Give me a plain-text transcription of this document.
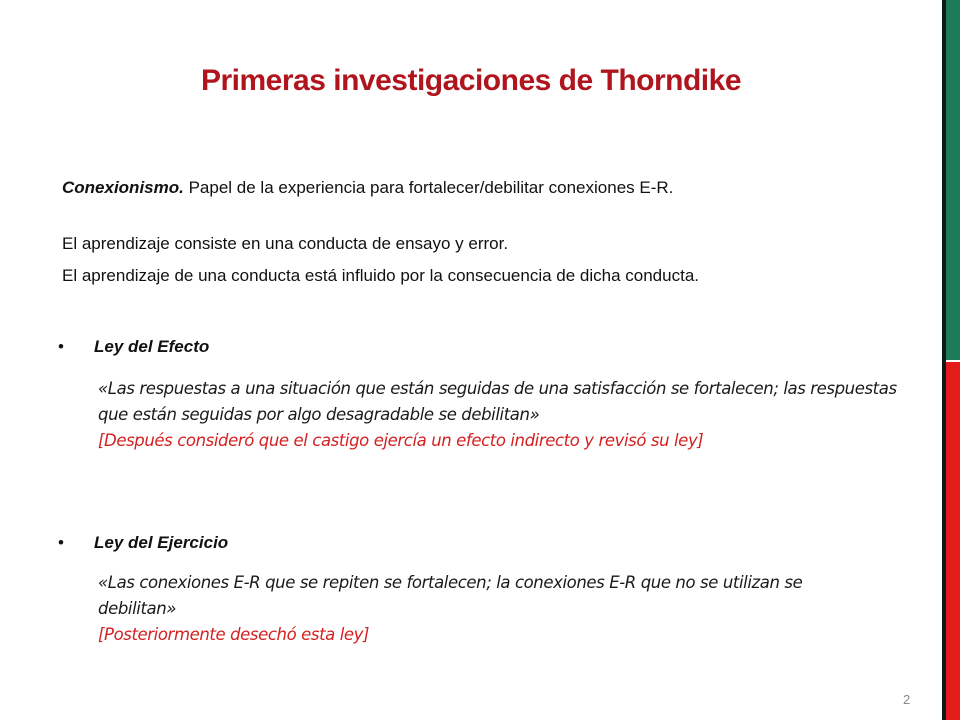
Primeras investigaciones de Thorndike
Conexionismo. Papel de la experiencia para fortalecer/debilitar conexiones E-R.
El aprendizaje consiste en una conducta de ensayo y error.
El aprendizaje de una conducta está influido por la consecuencia de dicha conducta.
• Ley del Efecto
«Las respuestas a una situación que están seguidas de una satisfacción se fortalecen; las respuestas que están seguidas por algo desagradable se debilitan»
[Después consideró que el castigo ejercía un efecto indirecto y revisó su ley]
• Ley del Ejercicio
«Las conexiones E-R que se repiten se fortalecen; la conexiones E-R que no se utilizan se debilitan»
[Posteriormente desechó esta ley]
2
